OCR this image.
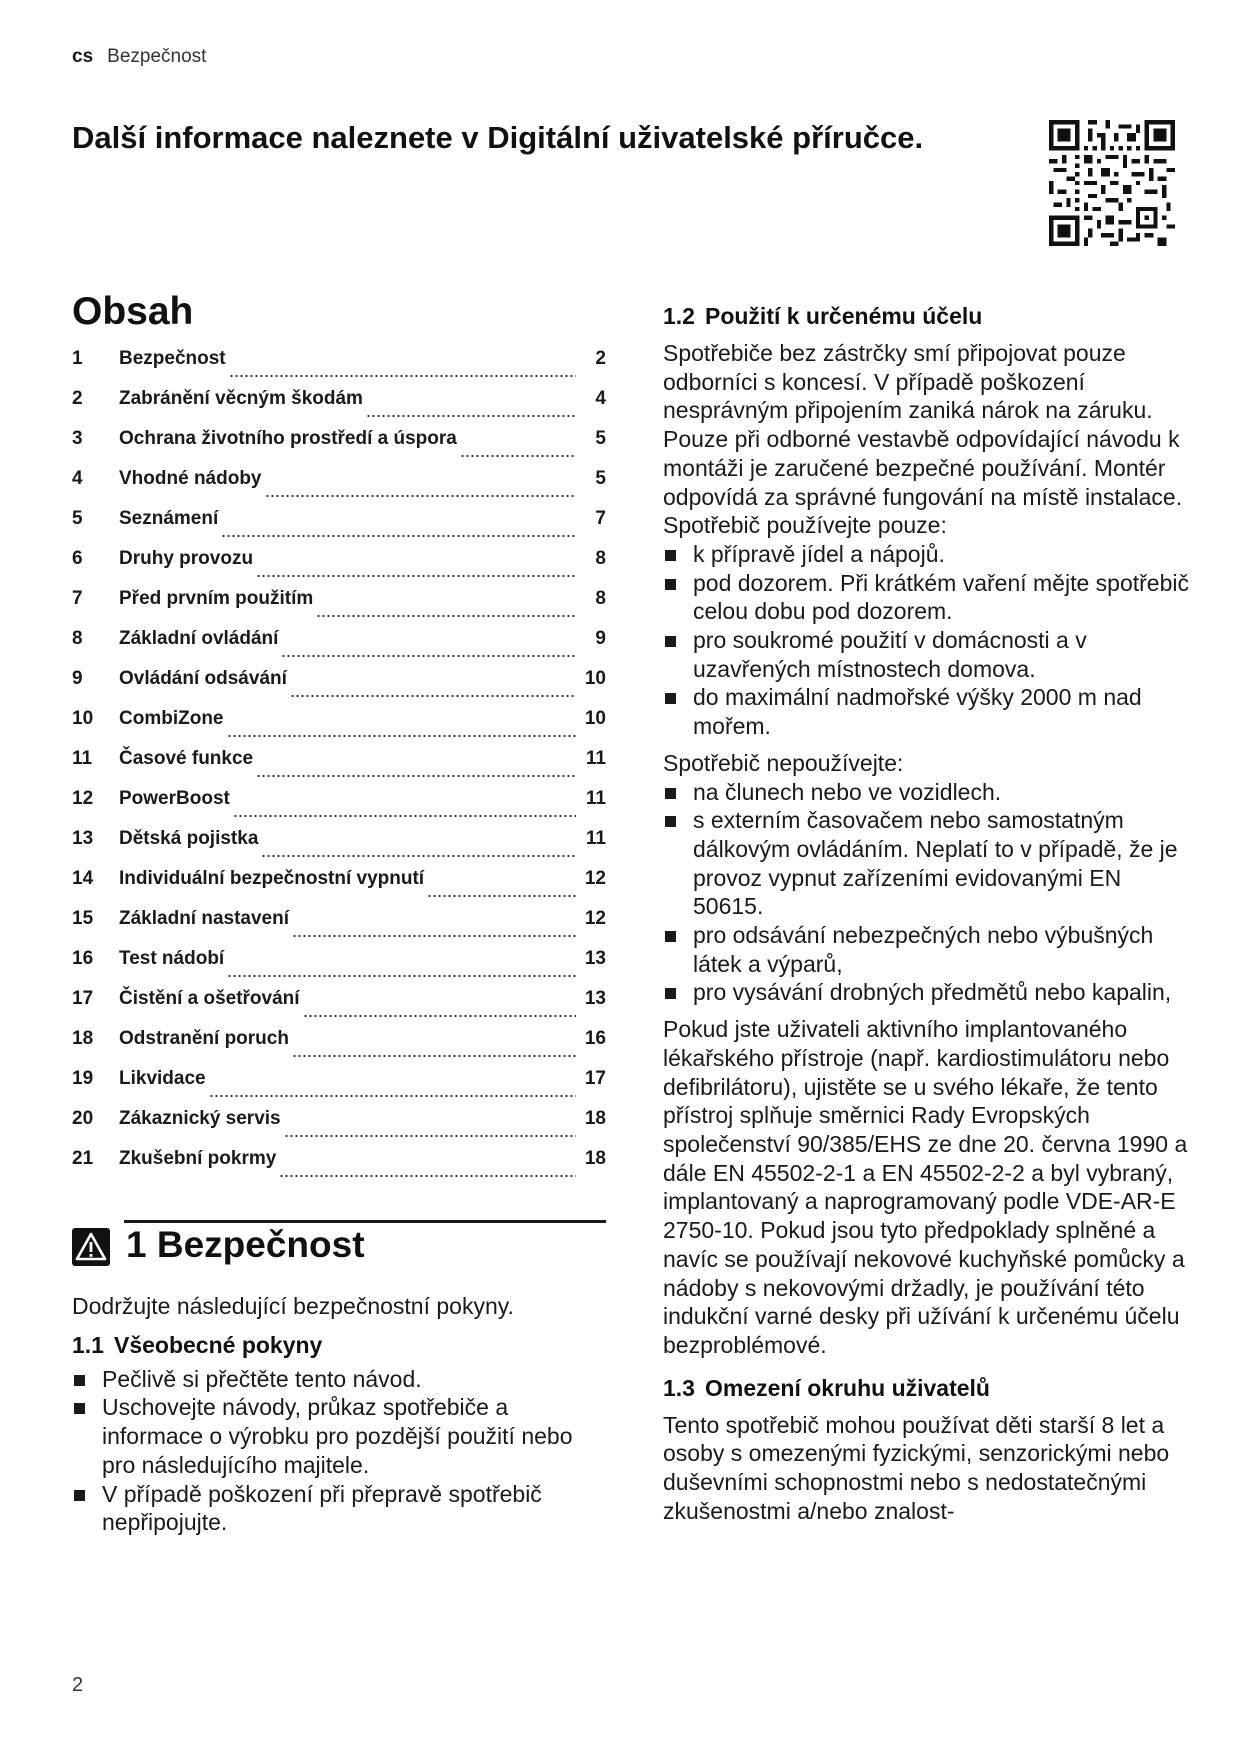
cs Bezpečnost
Další informace naleznete v Digitální uživatelské příručce.
Obsah
1	Bezpečnost	2
2	Zabránění věcným škodám	4
3	Ochrana životního prostředí a úspora	5
4	Vhodné nádoby	5
5	Seznámení	7
6	Druhy provozu	8
7	Před prvním použitím	8
8	Základní ovládání	9
9	Ovládání odsávání	10
10	CombiZone	10
11	Časové funkce	11
12	PowerBoost	11
13	Dětská pojistka	11
14	Individuální bezpečnostní vypnutí	12
15	Základní nastavení	12
16	Test nádobí	13
17	Čistění a ošetřování	13
18	Odstranění poruch	16
19	Likvidace	17
20	Zákaznický servis	18
21	Zkušební pokrmy	18
1 Bezpečnost

Dodržujte následující bezpečnostní pokyny.

1.1 Všeobecné pokyny
Pečlivě si přečtěte tento návod.
Uschovejte návody, průkaz spotřebiče a informace o výrobku pro pozdější použití nebo pro následujícího majitele.
V případě poškození při přepravě spotřebič nepřipojujte.
1.2 Použití k určenému účelu

Spotřebiče bez zástrčky smí připojovat pouze odborníci s koncesí. V případě poškození nesprávným připojením zaniká nárok na záruku. Pouze při odborné vestavbě odpovídající návodu k montáži je zaručené bezpečné používání. Montér odpovídá za správné fungování na místě instalace.

Spotřebič používejte pouze:

k přípravě jídel a nápojů.
pod dozorem. Při krátkém vaření mějte spotřebič celou dobu pod dozorem.
pro soukromé použití v domácnosti a v uzavřených místnostech domova.
do maximální nadmořské výšky 2000 m nad mořem.

Spotřebič nepoužívejte:

na člunech nebo ve vozidlech.
s externím časovačem nebo samostatným dálkovým ovládáním. Neplatí to v případě, že je provoz vypnut zařízeními evidovanými EN 50615.
pro odsávání nebezpečných nebo výbušných látek a výparů,
pro vysávání drobných předmětů nebo kapalin,

Pokud jste uživateli aktivního implantovaného lékařského přístroje (např. kardiostimulátoru nebo defibrilátoru), ujistěte se u svého lékaře, že tento přístroj splňuje směrnici Rady Evropských společenství 90/385/EHS ze dne 20. června 1990 a dále EN 45502-2-1 a EN 45502-2-2 a byl vybraný, implantovaný a naprogramovaný podle VDE-AR-E 2750-10. Pokud jsou tyto předpoklady splněné a navíc se používají nekovové kuchyňské pomůcky a nádoby s nekovovými držadly, je používání této indukční varné desky při užívání k určenému účelu bezproblémové.

1.3 Omezení okruhu uživatelů

Tento spotřebič mohou používat děti starší 8 let a osoby s omezenými fyzickými, senzorickými nebo duševními schopnostmi nebo s nedostatečnými zkušenostmi a/nebo znalost-

2
